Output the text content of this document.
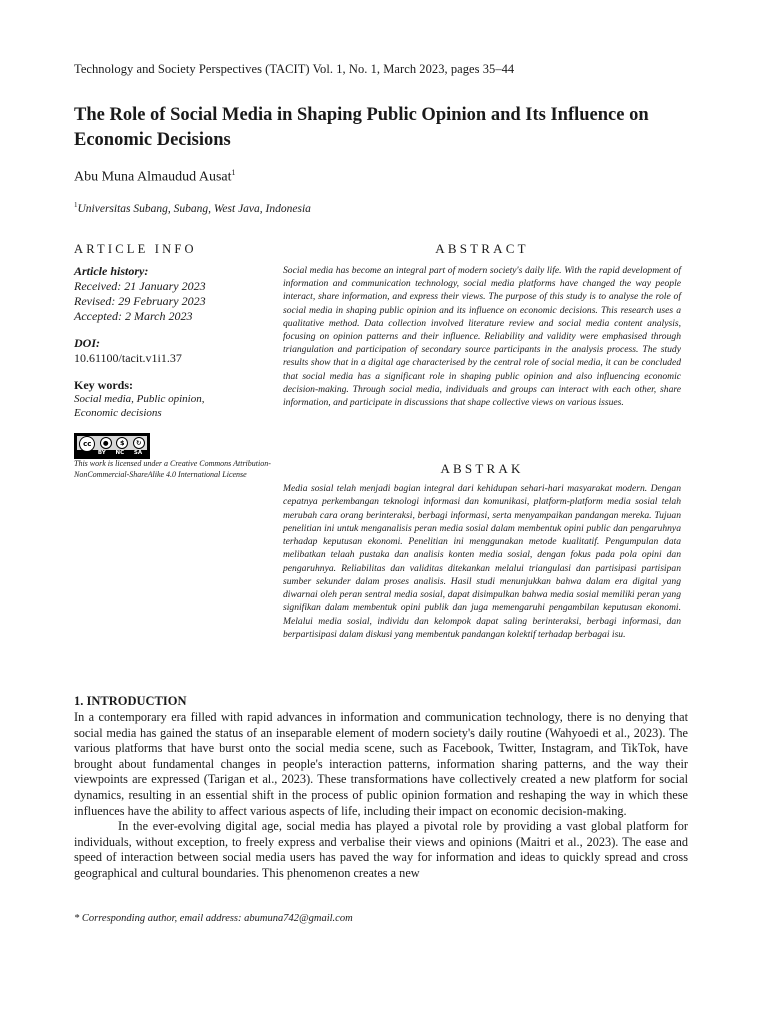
Technology and Society Perspectives (TACIT) Vol. 1, No. 1, March 2023, pages 35–44
The Role of Social Media in Shaping Public Opinion and Its Influence on Economic Decisions
Abu Muna Almaudud Ausat$^1$
$^1$Universitas Subang, Subang, West Java, Indonesia
ARTICLE INFO	ABSTRACT
Article history:
Received: 21 January 2023
Revised: 29 February 2023
Accepted: 2 March 2023
DOI:
10.61100/tacit.v1i1.37
Key words:
Social media, Public opinion,
Economic decisions
cc	●	$	↻
BY NC SA
This work is licensed under a Creative Commons Attribution-NonCommercial-ShareAlike 4.0 International License

Social media has become an integral part of modern society's daily life. With the rapid development of information and communication technology, social media platforms have changed the way people interact, share information, and express their views. The purpose of this study is to analyse the role of social media in shaping public opinion and its influence on economic decisions. This research uses a qualitative method. Data collection involved literature review and social media content analysis, focusing on opinion patterns and their influence. Reliability and validity were emphasised through triangulation and participation of secondary source participants in the analysis process. The study results show that in a digital age characterised by the central role of social media, it can be concluded that social media has a significant role in shaping public opinion and also influencing economic decision-making. Through social media, individuals and groups can interact with each other, share information, and participate in discussions that shape collective views on various issues.

ABSTRAK

Media sosial telah menjadi bagian integral dari kehidupan sehari-hari masyarakat modern. Dengan cepatnya perkembangan teknologi informasi dan komunikasi, platform-platform media sosial telah merubah cara orang berinteraksi, berbagi informasi, serta menyampaikan pandangan mereka. Tujuan penelitian ini untuk menganalisis peran media sosial dalam membentuk opini public dan pengaruhnya terhadap keputusan ekonomi. Penelitian ini menggunakan metode kualitatif. Pengumpulan data melibatkan telaah pustaka dan analisis konten media sosial, dengan fokus pada pola opini dan pengaruhnya. Reliabilitas dan validitas ditekankan melalui triangulasi dan partisipasi partisipan sumber sekunder dalam proses analisis. Hasil studi menunjukkan bahwa dalam era digital yang diwarnai oleh peran sentral media sosial, dapat disimpulkan bahwa media sosial memiliki peran yang signifikan dalam membentuk opini publik dan juga memengaruhi pengambilan keputusan ekonomi. Melalui media sosial, individu dan kelompok dapat saling berinteraksi, berbagi informasi, dan berpartisipasi dalam diskusi yang membentuk pandangan kolektif terhadap berbagai isu.

1. INTRODUCTION

In a contemporary era filled with rapid advances in information and communication technology, there is no denying that social media has gained the status of an inseparable element of modern society's daily routine (Wahyoedi et al., 2023). The various platforms that have burst onto the social media scene, such as Facebook, Twitter, Instagram, and TikTok, have brought about fundamental changes in people's interaction patterns, information sharing patterns, and the way their viewpoints are expressed (Tarigan et al., 2023). These transformations have collectively created a new platform for social dynamics, resulting in an essential shift in the process of public opinion formation and reshaping the way in which these influences have the ability to affect various aspects of life, including their impact on economic decision-making.

In the ever-evolving digital age, social media has played a pivotal role by providing a vast global platform for individuals, without exception, to freely express and verbalise their views and opinions (Maitri et al., 2023). The ease and speed of interaction between social media users has paved the way for information and ideas to quickly spread and cross geographical and cultural boundaries. This phenomenon creates a new

* Corresponding author, email address: abumuna742@gmail.com
